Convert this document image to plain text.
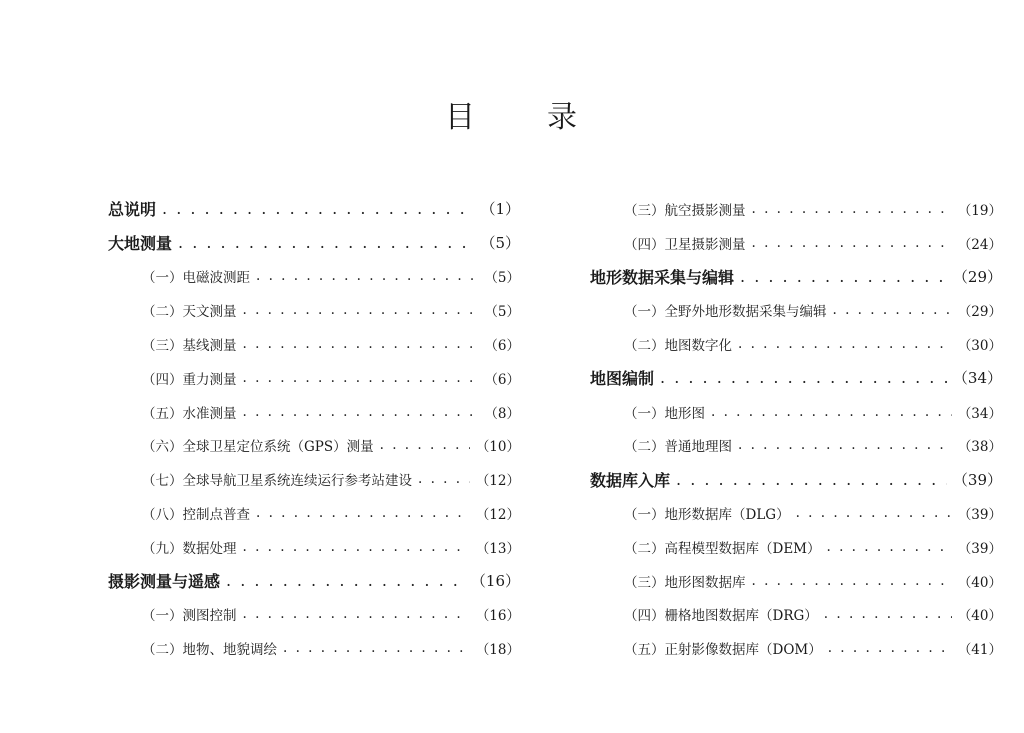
目 录
总说明 . . .	（1）
大地测量 . . .	（5）
（一）电磁波测距 . . .	（5）
（二）天文测量 . . .	（5）
（三）基线测量 . . .	（6）
（四）重力测量 . . .	（6）
（五）水准测量 . . .	（8）
（六）全球卫星定位系统（GPS）测量 . . .	（10）
（七）全球导航卫星系统连续运行参考站建设 . . .	（12）
（八）控制点普查 . . .	（12）
（九）数据处理 . . .	（13）
摄影测量与遥感 . . .	（16）
（一）测图控制 . . .	（16）
（二）地物、地貌调绘 . . .	（18）
（三）航空摄影测量 . . .	（19）
（四）卫星摄影测量 . . .	（24）
地形数据采集与编辑 . . .	（29）
（一）全野外地形数据采集与编辑 . . .	（29）
（二）地图数字化 . . .	（30）
地图编制 . . .	（34）
（一）地形图 . . .	（34）
（二）普通地理图 . . .	（38）
数据库入库 . . .	（39）
（一）地形数据库（DLG） . . .	（39）
（二）高程模型数据库（DEM） . . .	（39）
（三）地形图数据库 . . .	（40）
（四）栅格地图数据库（DRG） . . .	（40）
（五）正射影像数据库（DOM） . . .	（41）
